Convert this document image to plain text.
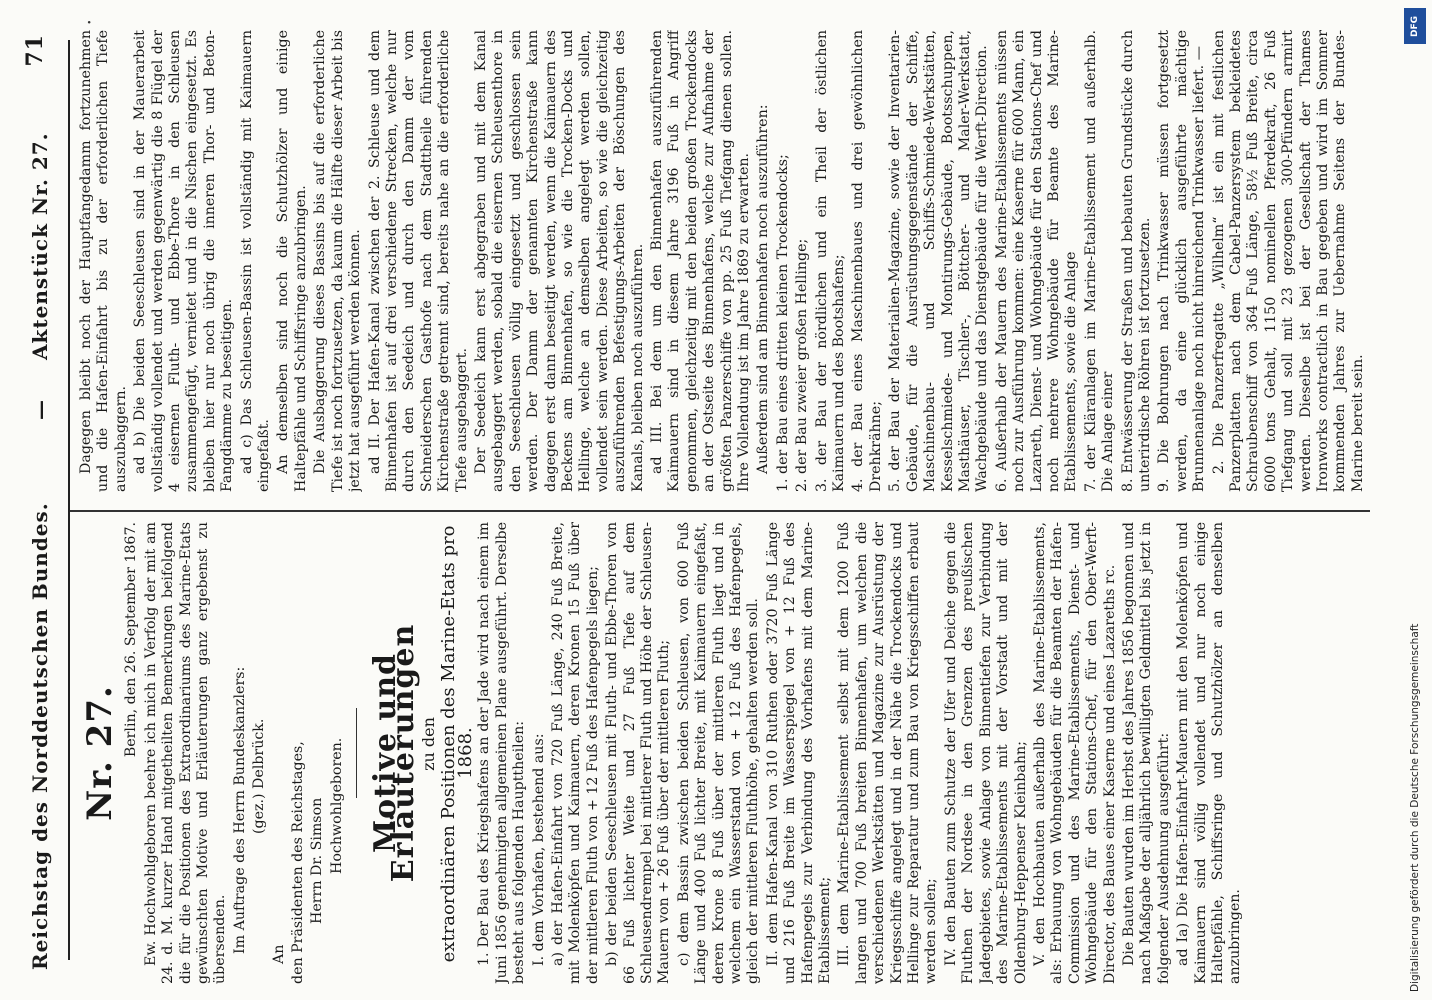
·
Reichstag des Norddeutschen Bundes.
—
71
Aktenstück Nr. 27.
Nr. 27. Berlin, den 26. September 1867. Ew. Hochwohlgeboren beehre ich mich in Verfolg der mit am 24. d. M. kurzer Hand mitgetheilten Bemerkungen beifolgend die für die Positionen des Extraordinariums des Marine-Etats gewünschten Motive und Erläuterungen ganz ergebenst zu übersenden. Im Auftrage des Herrn Bundeskanzlers: (gez.) Delbrück.

An den Präsidenten des Reichstages, Herrn Dr. Simson Hochwohlgeboren. Motive und Erläuterungen

zu den extraordinären Positionen des Marine-Etats pro 1868. 1. Der Bau des Kriegshafens an der Jade wird nach einem im Juni 1856 genehmigten allgemeinen Plane ausgeführt. Derselbe besteht aus folgenden Haupttheilen: I. dem Vorhafen, bestehend aus: a) der Hafen-Einfahrt von 720 Fuß Länge, 240 Fuß Breite, mit Molenköpfen und Kaimauern, deren Kronen 15 Fuß über der mittleren Fluth von + 12 Fuß des Hafenpegels liegen; b) der beiden Seeschleusen mit Fluth- und Ebbe-Thoren von 66 Fuß lichter Weite und 27 Fuß Tiefe auf dem Schleusendrempel bei mittlerer Fluth und Höhe der Schleusen-Mauern von + 26 Fuß über der mittleren Fluth; c) dem Bassin zwischen beiden Schleusen, von 600 Fuß Länge und 400 Fuß lichter Breite, mit Kaimauern eingefaßt, deren Krone 8 Fuß über der mittleren Fluth liegt und in welchem ein Wasserstand von + 12 Fuß des Hafenpegels, gleich der mittleren Fluthhöhe, gehalten werden soll. II. dem Hafen-Kanal von 310 Ruthen oder 3720 Fuß Länge und 216 Fuß Breite im Wasserspiegel von + 12 Fuß des Hafenpegels zur Verbindung des Vorhafens mit dem Marine-Etablissement; III. dem Marine-Etablissement selbst mit dem 1200 Fuß langen und 700 Fuß breiten Binnenhafen, um welchen die verschiedenen Werkstätten und Magazine zur Ausrüstung der Kriegsschiffe angelegt und in der Nähe die Trockendocks und Hellinge zur Reparatur und zum Bau von Kriegsschiffen erbaut werden sollen; IV. den Bauten zum Schutze der Ufer und Deiche gegen die Fluthen der Nordsee in den Grenzen des preußischen Jadegebietes, sowie Anlage von Binnentiefen zur Verbindung des Marine-Etablissements mit der Vorstadt und mit der Oldenburg-Heppenser Kleinbahn; V. den Hochbauten außerhalb des Marine-Etablissements, als: Erbauung von Wohngebäuden für die Beamten der Hafen-Commission und des Marine-Etablissements, Dienst- und Wohngebäude für den Stations-Chef, für den Ober-Werft-Director, des Baues einer Kaserne und eines Lazareths rc. Die Bauten wurden im Herbst des Jahres 1856 begonnen und nach Maßgabe der alljährlich bewilligten Geldmittel bis jetzt in folgender Ausdehnung ausgeführt: ad Ia) Die Hafen-Einfahrt-Mauern mit den Molenköpfen und Kaimauern sind völlig vollendet und nur noch einige Haltepfähle, Schiffsringe und Schutzhölzer an denselben anzubringen.

Dagegen bleibt noch der Hauptfangedamm fortzunehmen und die Hafen-Einfahrt bis zu der erforderlichen Tiefe auszubaggern. ad b) Die beiden Seeschleusen sind in der Mauerarbeit vollständig vollendet und werden gegenwärtig die 8 Flügel der 4 eisernen Fluth- und Ebbe-Thore in den Schleusen zusammengefügt, vernietet und in die Nischen eingesetzt. Es bleiben hier nur noch übrig die inneren Thor- und Beton-Fangdämme zu beseitigen. ad c) Das Schleusen-Bassin ist vollständig mit Kaimauern eingefaßt. An demselben sind noch die Schutzhölzer und einige Haltepfähle und Schiffsringe anzubringen. Die Ausbaggerung dieses Bassins bis auf die erforderliche Tiefe ist noch fortzusetzen, da kaum die Hälfte dieser Arbeit bis jetzt hat ausgeführt werden können. ad II. Der Hafen-Kanal zwischen der 2. Schleuse und dem Binnenhafen ist auf drei verschiedene Strecken, welche nur durch den Seedeich und durch den Damm der vom Schneiderschen Gasthofe nach dem Stadttheile führenden Kirchenstraße getrennt sind, bereits nahe an die erforderliche Tiefe ausgebaggert. Der Seedeich kann erst abgegraben und mit dem Kanal ausgebaggert werden, sobald die eisernen Schleusenthore in den Seeschleusen völlig eingesetzt und geschlossen sein werden. Der Damm der genannten Kirchenstraße kann dagegen erst dann beseitigt werden, wenn die Kaimauern des Beckens am Binnenhafen, so wie die Trocken-Docks und Hellinge, welche an demselben angelegt werden sollen, vollendet sein werden. Diese Arbeiten, so wie die gleichzeitig auszuführenden Befestigungs-Arbeiten der Böschungen des Kanals, bleiben noch auszuführen. ad III. Bei dem um den Binnenhafen auszuführenden Kaimauern sind in diesem Jahre 3196 Fuß in Angriff genommen, gleichzeitig mit den beiden großen Trockendocks an der Ostseite des Binnenhafens, welche zur Aufnahme der größten Panzerschiffe von pp. 25 Fuß Tiefgang dienen sollen. Ihre Vollendung ist im Jahre 1869 zu erwarten. Außerdem sind am Binnenhafen noch auszuführen: 1. der Bau eines dritten kleinen Trockendocks; 2. der Bau zweier großen Hellinge; 3. der Bau der nördlichen und ein Theil der östlichen Kaimauern und des Bootshafens; 4. der Bau eines Maschinenbaues und drei gewöhnlichen Drehkrähne; 5. der Bau der Materialien-Magazine, sowie der Inventarien-Gebäude, für die Ausrüstungsgegenstände der Schiffe, Maschinenbau- und Schiffs-Schmiede-Werkstätten, Kesselschmiede- und Montirungs-Gebäude, Bootsschuppen, Masthäuser, Tischler-, Böttcher- und Maler-Werkstatt, Wachgebäude und das Dienstgebäude für die Werft-Direction. 6. Außerhalb der Mauern des Marine-Etablissements müssen noch zur Ausführung kommen: eine Kaserne für 600 Mann, ein Lazareth, Dienst- und Wohngebäude für den Stations-Chef und noch mehrere Wohngebäude für Beamte des Marine-Etablissements, sowie die Anlage 7. der Kläranlagen im Marine-Etablissement und außerhalb. Die Anlage einer 8. Entwässerung der Straßen und bebauten Grundstücke durch unterirdische Röhren ist fortzusetzen. 9. Die Bohrungen nach Trinkwasser müssen fortgesetzt werden, da eine glücklich ausgeführte mächtige Brunnenanlage noch nicht hinreichend Trinkwasser liefert. — 2. Die Panzerfregatte „Wilhelm“ ist ein mit festlichen Panzerplatten nach dem Cabel-Panzersystem bekleidetes Schraubenschiff von 364 Fuß Länge, 58½ Fuß Breite, circa 6000 tons Gehalt, 1150 nominellen Pferdekraft, 26 Fuß Tiefgang und soll mit 23 gezogenen 300-Pfündern armirt werden. Dieselbe ist bei der Gesellschaft der Thames Ironworks contractlich in Bau gegeben und wird im Sommer kommenden Jahres zur Uebernahme Seitens der Bundes-Marine bereit sein.

DFG
Digitalisierung gefördert durch die Deutsche Forschungsgemeinschaft
